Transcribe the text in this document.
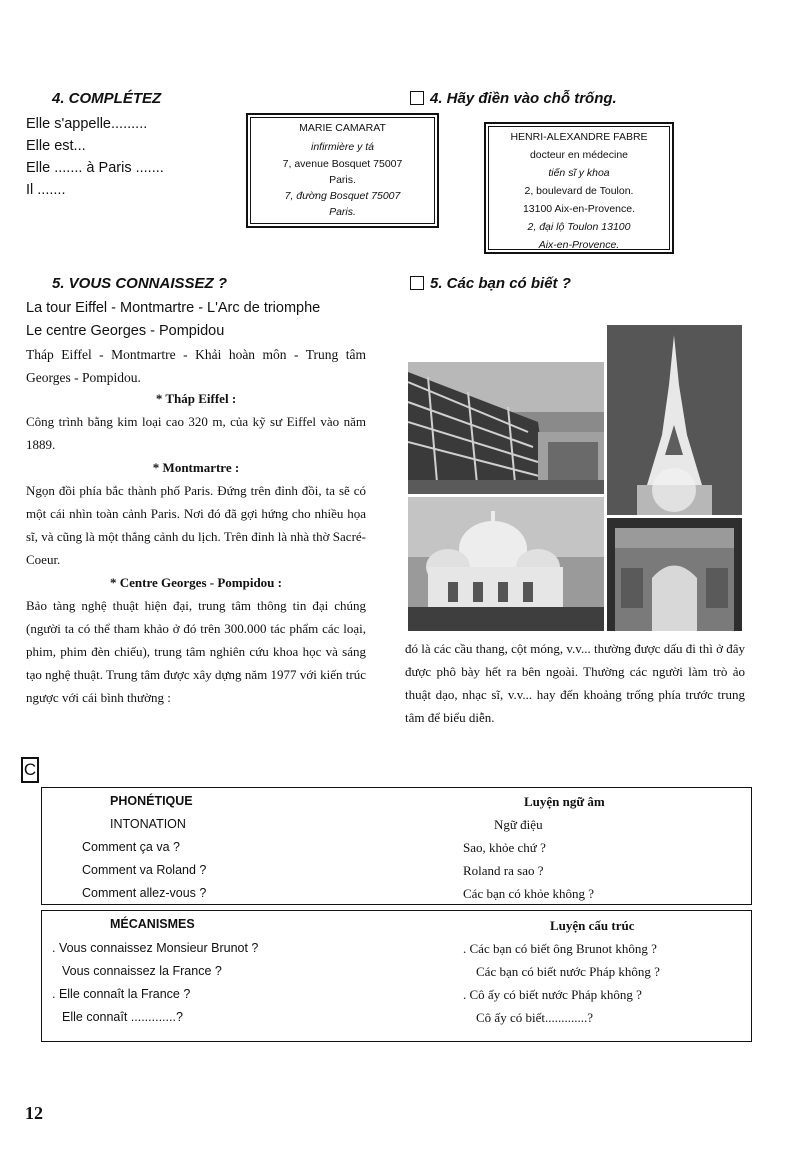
4. COMPLÉTEZ
Elle s'appelle.........
Elle est...
Elle ....... à Paris .......
Il .......
MARIE CAMARAT
infirmière y tá
7, avenue Bosquet 75007
Paris.
7, đường Bosquet 75007
Paris.
4. Hãy điền vào chỗ trống.
HENRI-ALEXANDRE FABRE
docteur en médecine
tiến sĩ y khoa
2, boulevard de Toulon.
13100 Aix-en-Provence.
2, đại lộ Toulon 13100
Aix-en-Provence.
5. VOUS CONNAISSEZ ?	5. Các bạn có biết ?
La tour Eiffel - Montmartre - L'Arc de triomphe
Le centre Georges - Pompidou
Tháp Eiffel - Montmartre - Khải hoàn môn - Trung tâm Georges - Pompidou.
* Tháp Eiffel :
Công trình bằng kim loại cao 320 m, của kỹ sư Eiffel vào năm 1889.
* Montmartre :
Ngọn đồi phía bắc thành phố Paris. Đứng trên đỉnh đồi, ta sẽ có một cái nhìn toàn cảnh Paris. Nơi đó đã gợi hứng cho nhiều họa sĩ, và cũng là một thắng cảnh du lịch. Trên đỉnh là nhà thờ Sacré-Coeur.
* Centre Georges - Pompidou :
Bảo tàng nghệ thuật hiện đại, trung tâm thông tin đại chúng (người ta có thể tham khảo ở đó trên 300.000 tác phẩm các loại, phim, phim đèn chiếu), trung tâm nghiên cứu khoa học và sáng tạo nghệ thuật. Trung tâm được xây dựng năm 1977 với kiến trúc ngược với cái bình thường :
đó là các cầu thang, cột móng, v.v... thường được dấu đi thì ở đây được phô bày hết ra bên ngoài. Thường các người làm trò ảo thuật dạo, nhạc sĩ, v.v... hay đến khoảng trống phía trước trung tâm để biểu diễn.
C
PHONÉTIQUE
INTONATION
Luyện ngữ âm
Ngữ điệu
Comment ça va ?
Comment va Roland ?
Comment allez-vous ?
Sao, khỏe chứ ?
Roland ra sao ?
Các bạn có khỏe không ?
MÉCANISMES	Luyện cấu trúc
. Vous connaissez Monsieur Brunot ?
Vous connaissez la France ?
. Elle connaît la France ?
Elle connaît .............?
. Các bạn có biết ông Brunot không ?
Các bạn có biết nước Pháp không ?
. Cô ấy có biết nước Pháp không ?
Cô ấy có biết.............?
12
